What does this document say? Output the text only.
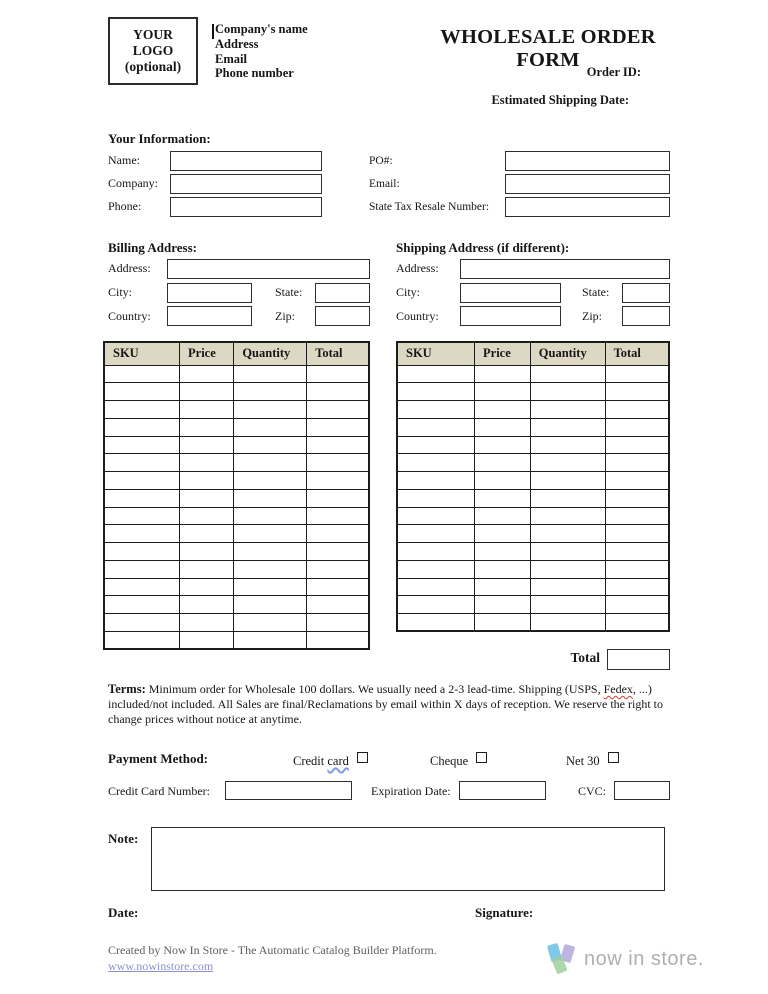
YOUR
LOGO
(optional)
Company's name
Address
Email
Phone number
WHOLESALE ORDER FORM
Order ID:
Estimated Shipping Date:
Your Information:
Name:	PO#:
Company:	Email:
Phone:	State Tax Resale Number:
Billing Address:
Address:
City:	State:
Country:	Zip:
Shipping Address (if different):
Address:
City:	State:
Country:	Zip:
SKU	Price	Quantity	Total

				SKU	Price	Quantity	Total

Total
Terms: Minimum order for Wholesale 100 dollars. We usually need a 2-3 lead-time. Shipping (USPS, Fedex, ...) included/not included. All Sales are final/Reclamations by email within X days of reception. We reserve the right to change prices without notice at anytime.
Payment Method:	Credit card	Cheque	Net 30
Credit Card Number:	Expiration Date:	CVC:
Note:
Date:	Signature:
Created by Now In Store - The Automatic Catalog Builder Platform.
www.nowinstore.com	now in store.
